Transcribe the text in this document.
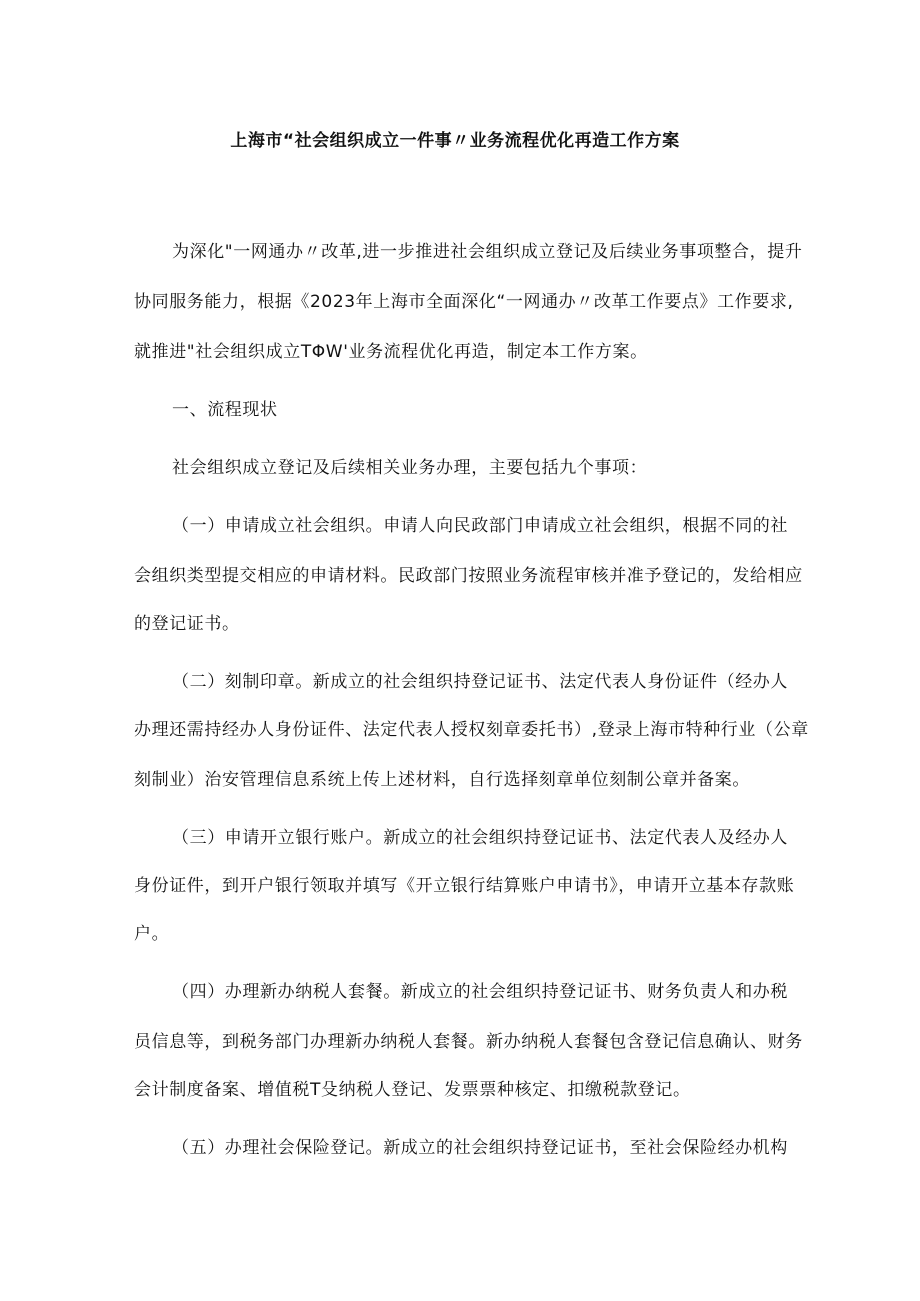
上海市“社会组织成立一件事〃业务流程优化再造工作方案
为深化"一网通办〃改革,进一步推进社会组织成立登记及后续业务事项整合，提升
协同服务能力，根据《2023年上海市全面深化“一网通办〃改革工作要点》工作要求,
就推进"社会组织成立TΦW'业务流程优化再造，制定本工作方案。
一、流程现状
社会组织成立登记及后续相关业务办理，主要包括九个事项：
（一）申请成立社会组织。申请人向民政部门申请成立社会组织，根据不同的社
会组织类型提交相应的申请材料。民政部门按照业务流程审核并准予登记的，发给相应
的登记证书。
（二）刻制印章。新成立的社会组织持登记证书、法定代表人身份证件（经办人
办理还需持经办人身份证件、法定代表人授权刻章委托书）,登录上海市特种行业（公章
刻制业）治安管理信息系统上传上述材料，自行选择刻章单位刻制公章并备案。
（三）申请开立银行账户。新成立的社会组织持登记证书、法定代表人及经办人
身份证件，到开户银行领取并填写《开立银行结算账户申请书》，申请开立基本存款账
户。
（四）办理新办纳税人套餐。新成立的社会组织持登记证书、财务负责人和办税
员信息等，到税务部门办理新办纳税人套餐。新办纳税人套餐包含登记信息确认、财务
会计制度备案、增值税T殳纳税人登记、发票票种核定、扣缴税款登记。
（五）办理社会保险登记。新成立的社会组织持登记证书，至社会保险经办机构
